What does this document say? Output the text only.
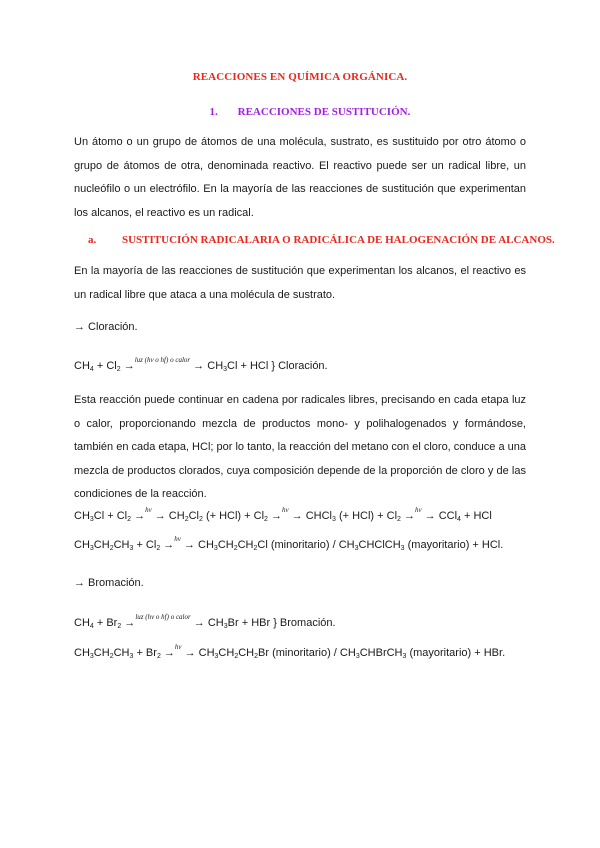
REACCIONES EN QUÍMICA ORGÁNICA.
1. REACCIONES DE SUSTITUCIÓN.

Un átomo o un grupo de átomos de una molécula, sustrato, es sustituido por otro átomo o grupo de átomos de otra, denominada reactivo. El reactivo puede ser un radical libre, un nucleófilo o un electrófilo. En la mayoría de las reacciones de sustitución que experimentan los alcanos, el reactivo es un radical.

a. SUSTITUCIÓN RADICALARIA O RADICÁLICA DE HALOGENACIÓN DE ALCANOS.

En la mayoría de las reacciones de sustitución que experimentan los alcanos, el reactivo es un radical libre que ataca a una molécula de sustrato.

→ Cloración.
$CH_4 + Cl_2 \to^{luz (h\nu o hf) o calor} \to CH_3Cl$ + HCl } Cloración.

Esta reacción puede continuar en cadena por radicales libres, precisando en cada etapa luz o calor, proporcionando mezcla de productos mono- y polihalogenados y formándose, también en cada etapa, HCl; por lo tanto, la reacción del metano con el cloro, conduce a una mezcla de productos clorados, cuya composición depende de la proporción de cloro y de las condiciones de la reacción.

$CH_3Cl + Cl_2 \to^{h\nu} \to CH_2Cl_2$ (+ $HCl) + Cl_2 \to^{h\nu}$ → CHCl$_3$ (+ $HCl) + Cl_2 \to^{h\nu} \to CCl_4$ + HCl
$CH_3CH_2CH_3 + Cl_2 \to^{h\nu} \to CH_3CH_2CH_2Cl$ (minoritario) / $CH_3CHClCH_3$ (mayoritario) + HCl.
→ Bromación.
$CH_4 + Br_2 \to^{luz (h\nu o hf) o calor} \to CH_3Br$ + HBr } Bromación.
$CH_3CH_2CH_3 + Br_2 \to^{h\nu} \to CH_3CH_2CH_2Br$ (minoritario) / $CH_3CHBrCH_3$ (mayoritario) + HBr.
